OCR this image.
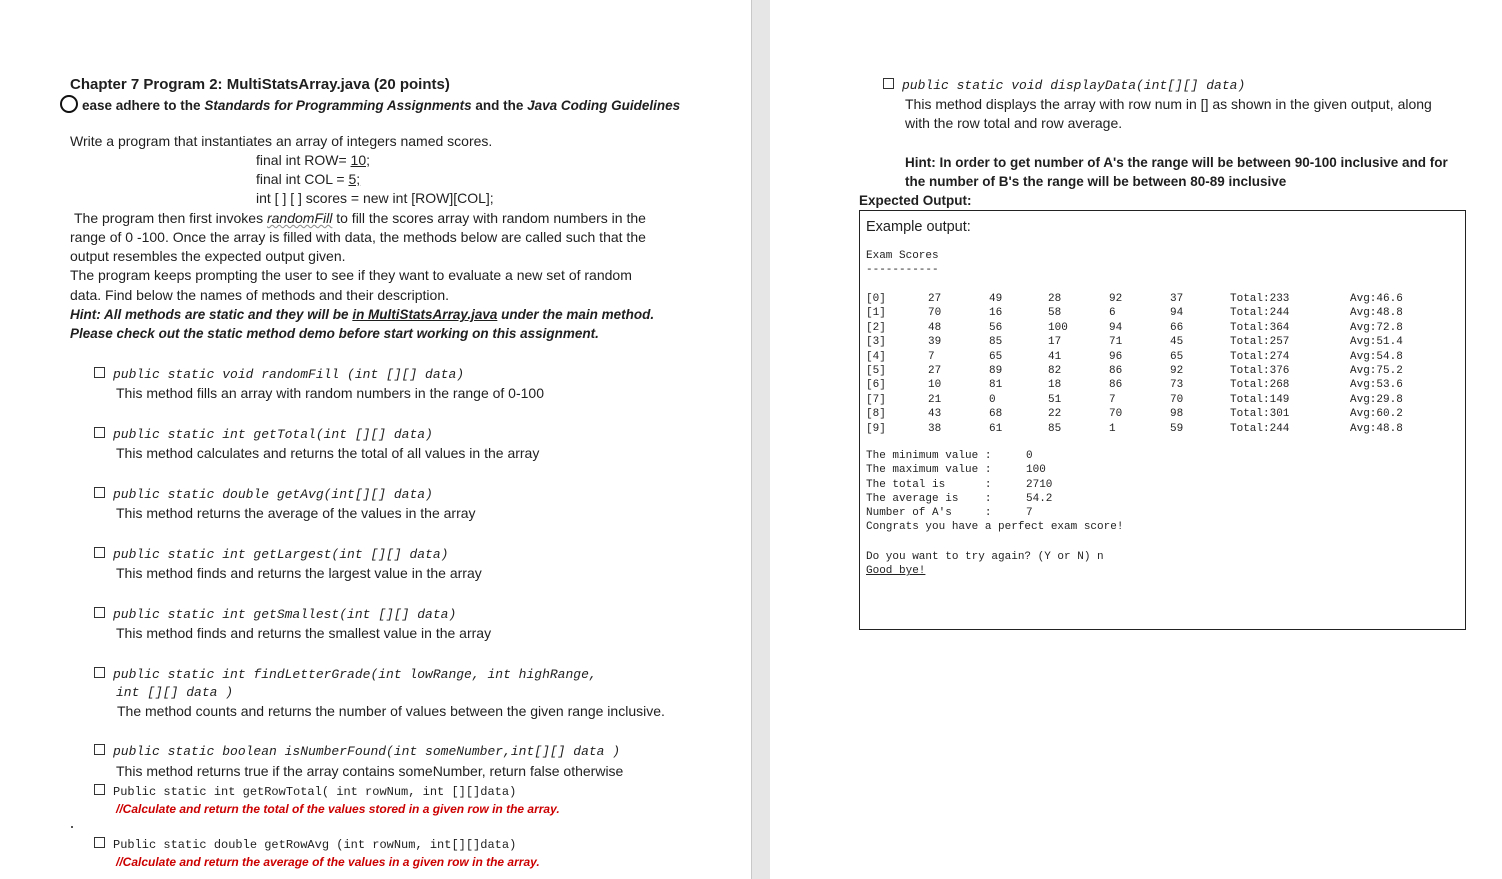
Chapter 7 Program 2: MultiStatsArray.java (20 points)
ease adhere to the Standards for Programming Assignments and the Java Coding Guidelines
Write a program that instantiates an array of integers named scores.
final int ROW= 10;
final int COL = 5;
int [ ] [ ] scores = new int [ROW][COL];
The program then first invokes randomFill to fill the scores array with random numbers in the
range of 0 -100. Once the array is filled with data, the methods below are called such that the
output resembles the expected output given.
The program keeps prompting the user to see if they want to evaluate a new set of random
data. Find below the names of methods and their description.
Hint: All methods are static and they will be in MultiStatsArray.java under the main method.
Please check out the static method demo before start working on this assignment.
public static void randomFill (int [][] data)
This method fills an array with random numbers in the range of 0-100
public static int getTotal(int [][] data)
This method calculates and returns the total of all values in the array
public static double getAvg(int[][] data)
This method returns the average of the values in the array
public static int getLargest(int [][] data)
This method finds and returns the largest value in the array
public static int getSmallest(int [][] data)
This method finds and returns the smallest value in the array
public static int findLetterGrade(int lowRange, int highRange,
int [][] data )
The method counts and returns the number of values between the given range inclusive.
public static boolean isNumberFound(int someNumber,int[][] data )
This method returns true if the array contains someNumber, return false otherwise
Public static int getRowTotal( int rowNum, int [][]data)
//Calculate and return the total of the values stored in a given row in the array.
Public static double getRowAvg (int rowNum, int[][]data)
//Calculate and return the average of the values in a given row in the array.
public static void displayData(int[][] data)
This method displays the array with row num in [] as shown in the given output, along
with the row total and row average.
Hint: In order to get number of A's the range will be between 90-100 inclusive and for
the number of B's the range will be between 80-89 inclusive
Expected Output:
Example output:
Exam Scores
-----------
[0]	27	49	28	92	37	Total:233	Avg:46.6
[1]	70	16	58	6	94	Total:244	Avg:48.8
[2]	48	56	100	94	66	Total:364	Avg:72.8
[3]	39	85	17	71	45	Total:257	Avg:51.4
[4]	7	65	41	96	65	Total:274	Avg:54.8
[5]	27	89	82	86	92	Total:376	Avg:75.2
[6]	10	81	18	86	73	Total:268	Avg:53.6
[7]	21	0	51	7	70	Total:149	Avg:29.8
[8]	43	68	22	70	98	Total:301	Avg:60.2
[9]	38	61	85	1	59	Total:244	Avg:48.8
The minimum value :	0
The maximum value :	100
The total is      :	2710
The average is    :	54.2
Number of A's     :	7
Congrats you have a perfect exam score!
Do you want to try again? (Y or N) n
Good bye!
